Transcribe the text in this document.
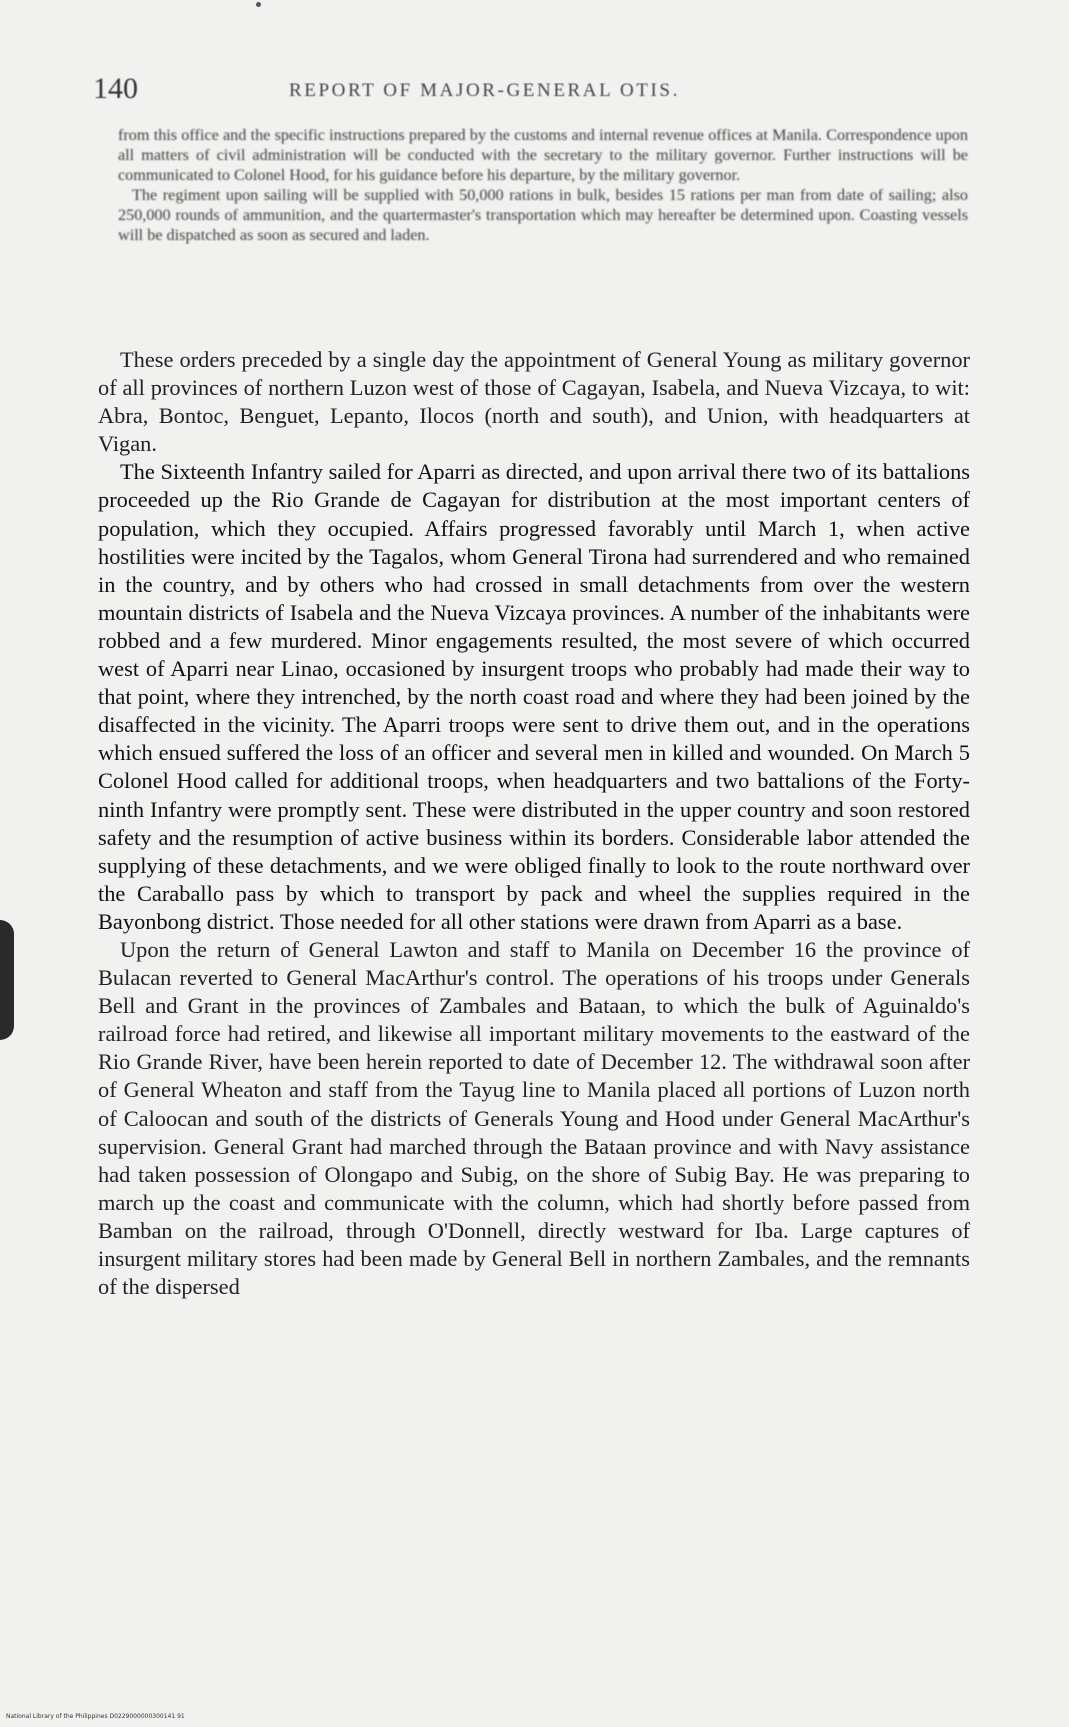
140	REPORT OF MAJOR-GENERAL OTIS.

from this office and the specific instructions prepared by the customs and internal revenue offices at Manila. Correspondence upon all matters of civil administration will be conducted with the secretary to the military governor. Further instructions will be communicated to Colonel Hood, for his guidance before his departure, by the military governor.

The regiment upon sailing will be supplied with 50,000 rations in bulk, besides 15 rations per man from date of sailing; also 250,000 rounds of ammunition, and the quartermaster's transportation which may hereafter be determined upon. Coasting vessels will be dispatched as soon as secured and laden.

These orders preceded by a single day the appointment of General Young as military governor of all provinces of northern Luzon west of those of Cagayan, Isabela, and Nueva Vizcaya, to wit: Abra, Bontoc, Benguet, Lepanto, Ilocos (north and south), and Union, with headquarters at Vigan.

The Sixteenth Infantry sailed for Aparri as directed, and upon arrival there two of its battalions proceeded up the Rio Grande de Cagayan for distribution at the most important centers of population, which they occupied. Affairs progressed favorably until March 1, when active hostilities were incited by the Tagalos, whom General Tirona had surrendered and who remained in the country, and by others who had crossed in small detachments from over the western mountain districts of Isabela and the Nueva Vizcaya provinces. A number of the inhabitants were robbed and a few murdered. Minor engagements resulted, the most severe of which occurred west of Aparri near Linao, occasioned by insurgent troops who probably had made their way to that point, where they intrenched, by the north coast road and where they had been joined by the disaffected in the vicinity. The Aparri troops were sent to drive them out, and in the operations which ensued suffered the loss of an officer and several men in killed and wounded. On March 5 Colonel Hood called for additional troops, when headquarters and two battalions of the Forty-ninth Infantry were promptly sent. These were distributed in the upper country and soon restored safety and the resumption of active business within its borders. Considerable labor attended the supplying of these detachments, and we were obliged finally to look to the route northward over the Caraballo pass by which to transport by pack and wheel the supplies required in the Bayonbong district. Those needed for all other stations were drawn from Aparri as a base.

Upon the return of General Lawton and staff to Manila on December 16 the province of Bulacan reverted to General MacArthur's control. The operations of his troops under Generals Bell and Grant in the provinces of Zambales and Bataan, to which the bulk of Aguinaldo's railroad force had retired, and likewise all important military movements to the eastward of the Rio Grande River, have been herein reported to date of December 12. The withdrawal soon after of General Wheaton and staff from the Tayug line to Manila placed all portions of Luzon north of Caloocan and south of the districts of Generals Young and Hood under General MacArthur's supervision. General Grant had marched through the Bataan province and with Navy assistance had taken possession of Olongapo and Subig, on the shore of Subig Bay. He was preparing to march up the coast and communicate with the column, which had shortly before passed from Bamban on the railroad, through O'Donnell, directly westward for Iba. Large captures of insurgent military stores had been made by General Bell in northern Zambales, and the remnants of the dispersed

National Library of the Philippines D0229000000300141 91
